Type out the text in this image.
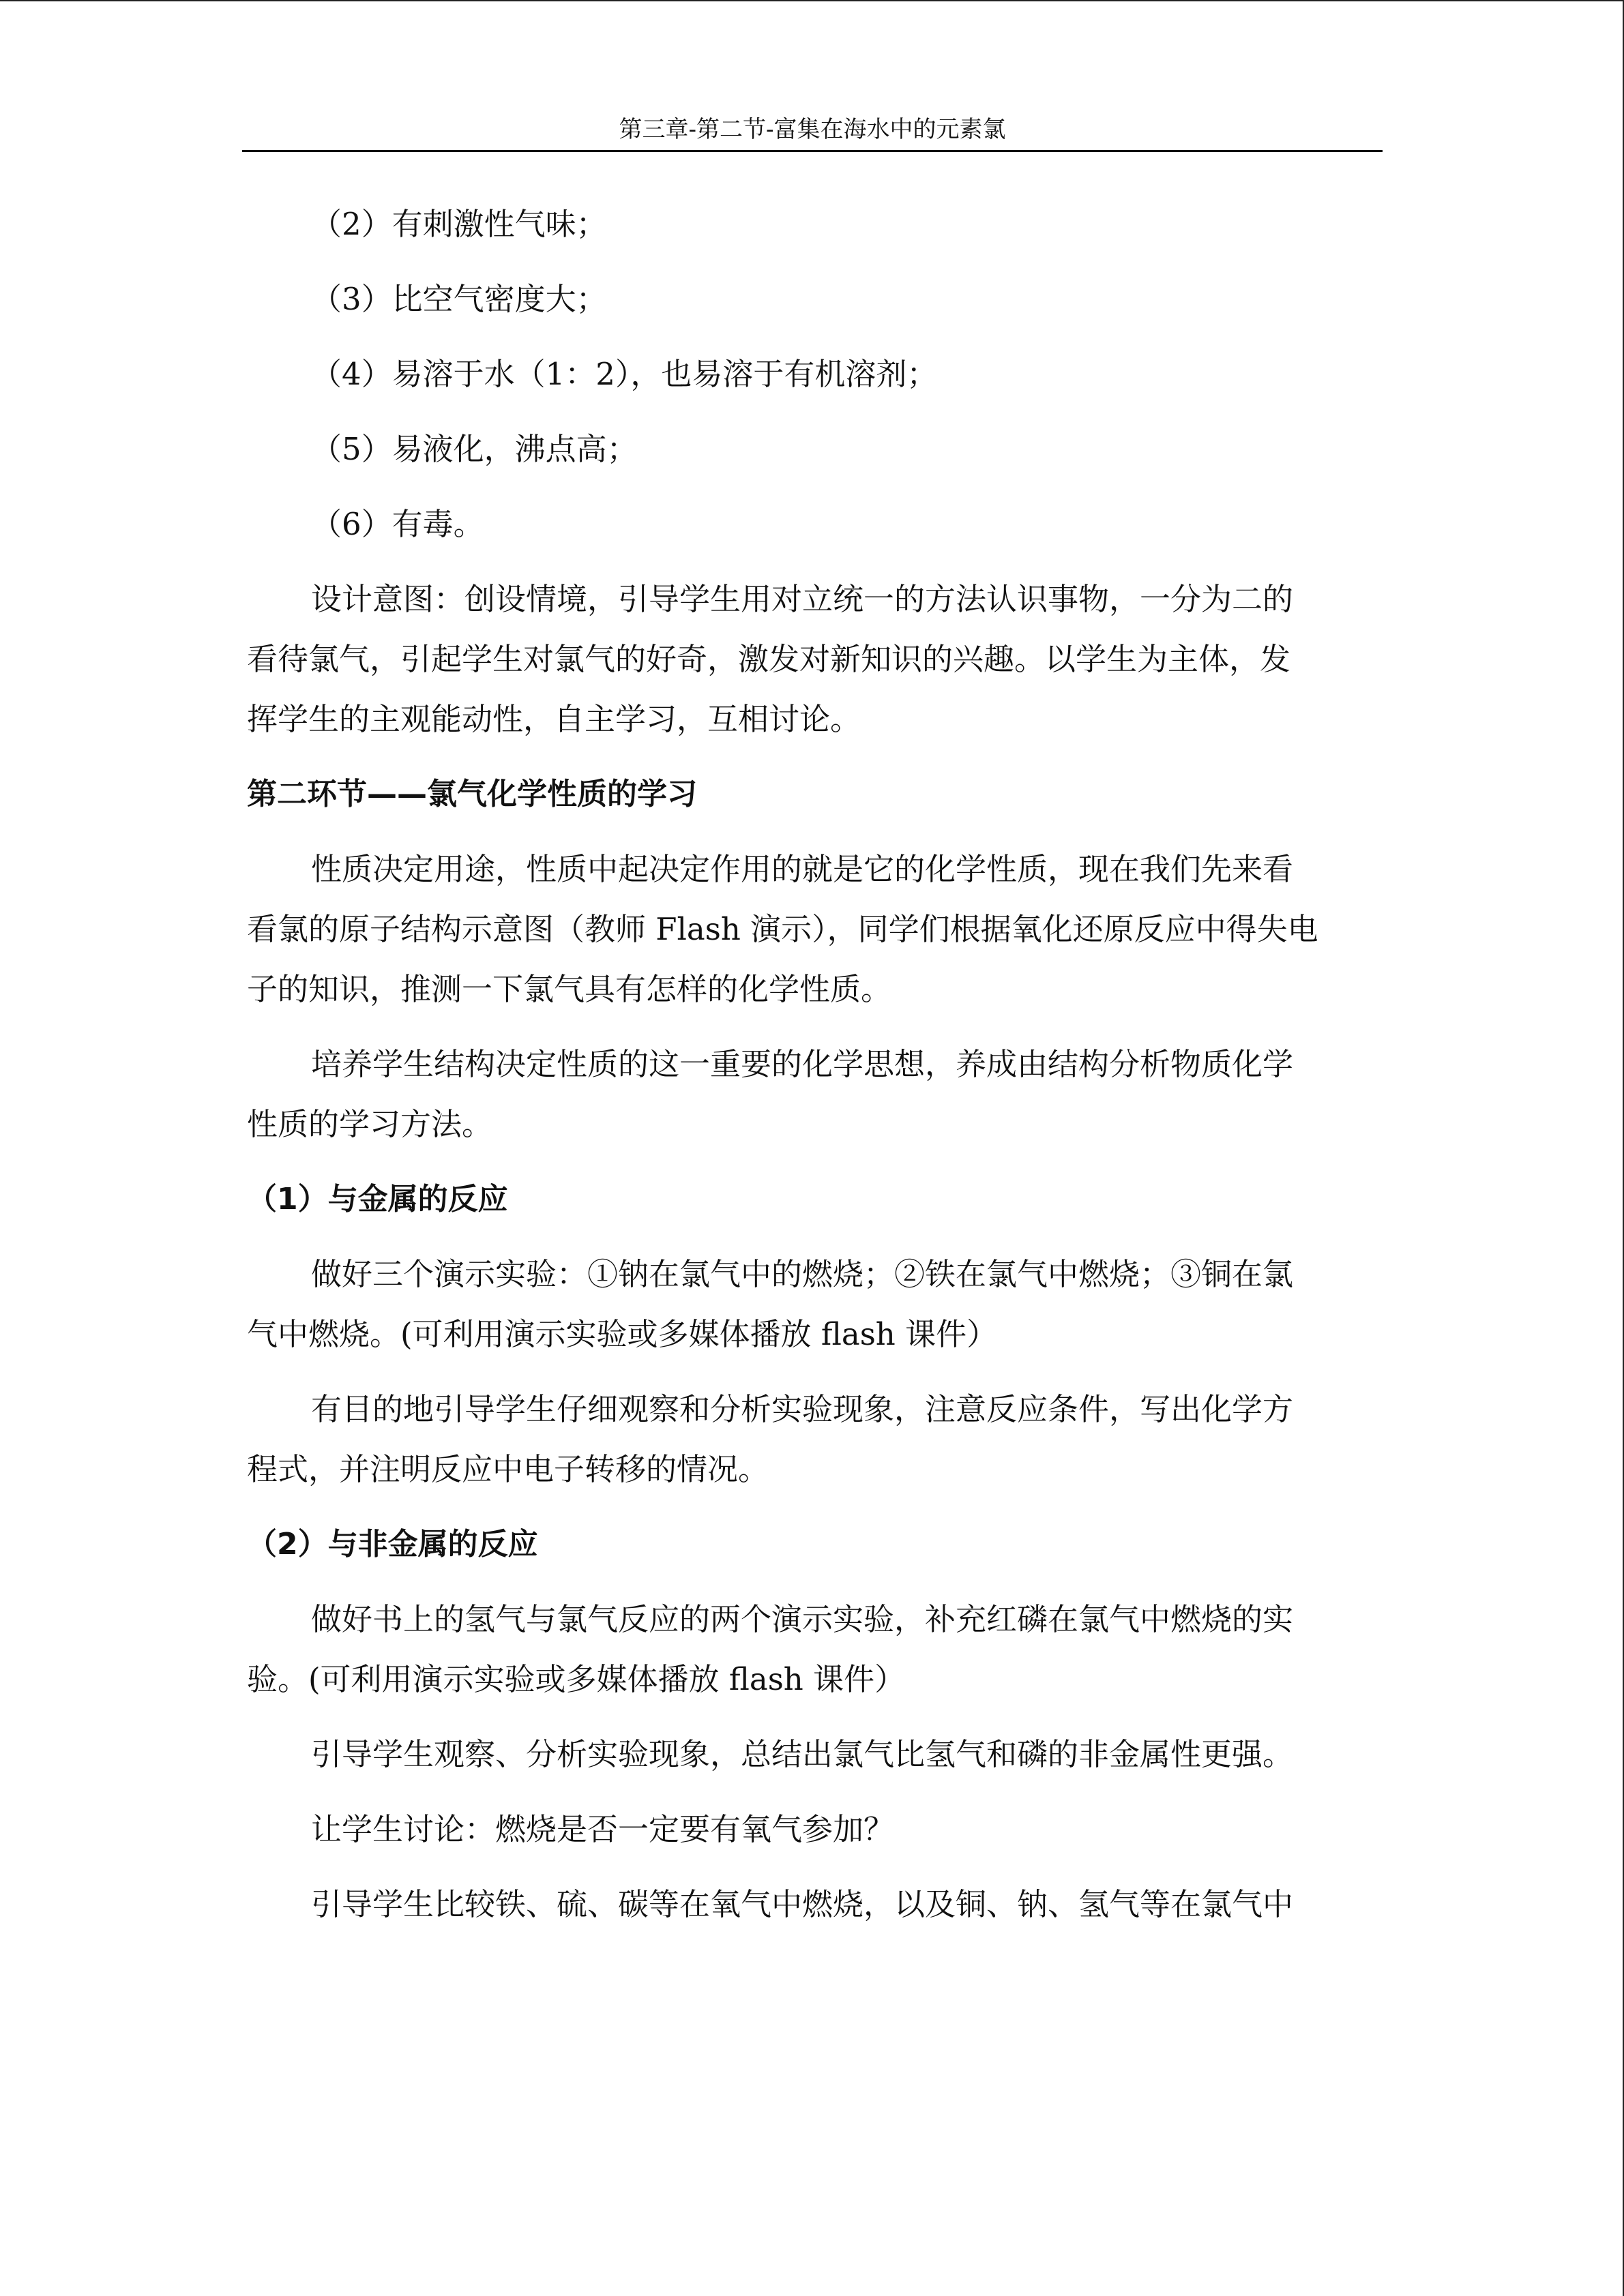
第三章-第二节-富集在海水中的元素氯

（2）有刺激性气味；

（3）比空气密度大；

（4）易溶于水（1：2），也易溶于有机溶剂；

（5）易液化，沸点高；

（6）有毒。

设计意图：创设情境，引导学生用对立统一的方法认识事物，一分为二的

看待氯气，引起学生对氯气的好奇，激发对新知识的兴趣。以学生为主体，发

挥学生的主观能动性，自主学习，互相讨论。

第二环节——氯气化学性质的学习

性质决定用途，性质中起决定作用的就是它的化学性质，现在我们先来看

看氯的原子结构示意图（教师 Flash 演示），同学们根据氧化还原反应中得失电

子的知识，推测一下氯气具有怎样的化学性质。

培养学生结构决定性质的这一重要的化学思想，养成由结构分析物质化学

性质的学习方法。

（1）与金属的反应

做好三个演示实验：①钠在氯气中的燃烧；②铁在氯气中燃烧；③铜在氯

气中燃烧。(可利用演示实验或多媒体播放 flash 课件）

有目的地引导学生仔细观察和分析实验现象，注意反应条件，写出化学方

程式，并注明反应中电子转移的情况。

（2）与非金属的反应

做好书上的氢气与氯气反应的两个演示实验，补充红磷在氯气中燃烧的实

验。(可利用演示实验或多媒体播放 flash 课件）

引导学生观察、分析实验现象，总结出氯气比氢气和磷的非金属性更强。

让学生讨论：燃烧是否一定要有氧气参加？

引导学生比较铁、硫、碳等在氧气中燃烧，以及铜、钠、氢气等在氯气中
